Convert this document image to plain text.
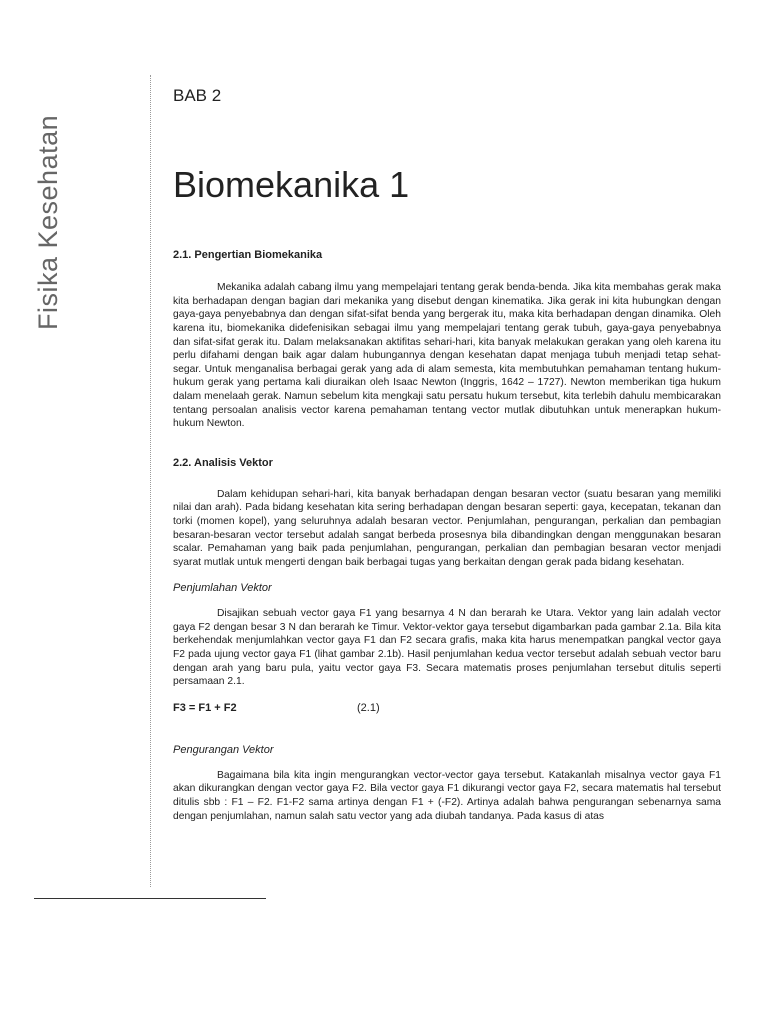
Fisika Kesehatan

BAB 2

Biomekanika 1
2.1. Pengertian Biomekanika

Mekanika adalah cabang ilmu yang mempelajari tentang gerak benda-benda. Jika kita membahas gerak maka kita berhadapan dengan bagian dari mekanika yang disebut dengan kinematika. Jika gerak ini kita hubungkan dengan gaya-gaya penyebabnya dan dengan sifat-sifat benda yang bergerak itu, maka kita berhadapan dengan dinamika. Oleh karena itu, biomekanika didefenisikan sebagai ilmu yang mempelajari tentang gerak tubuh, gaya-gaya penyebabnya dan sifat-sifat gerak itu. Dalam melaksanakan aktifitas sehari-hari, kita banyak melakukan gerakan yang oleh karena itu perlu difahami dengan baik agar dalam hubungannya dengan kesehatan dapat menjaga tubuh menjadi tetap sehat-segar. Untuk menganalisa berbagai gerak yang ada di alam semesta, kita membutuhkan pemahaman tentang hukum-hukum gerak yang pertama kali diuraikan oleh Isaac Newton (Inggris, 1642 – 1727). Newton memberikan tiga hukum dalam menelaah gerak. Namun sebelum kita mengkaji satu persatu hukum tersebut, kita terlebih dahulu membicarakan tentang persoalan analisis vector karena pemahaman tentang vector mutlak dibutuhkan untuk menerapkan hukum-hukum Newton.

2.2. Analisis Vektor

Dalam kehidupan sehari-hari, kita banyak berhadapan dengan besaran vector (suatu besaran yang memiliki nilai dan arah). Pada bidang kesehatan kita sering berhadapan dengan besaran seperti: gaya, kecepatan, tekanan dan torki (momen kopel), yang seluruhnya adalah besaran vector. Penjumlahan, pengurangan, perkalian dan pembagian besaran-besaran vector tersebut adalah sangat berbeda prosesnya bila dibandingkan dengan menggunakan besaran scalar. Pemahaman yang baik pada penjumlahan, pengurangan, perkalian dan pembagian besaran vector menjadi syarat mutlak untuk mengerti dengan baik berbagai tugas yang berkaitan dengan gerak pada bidang kesehatan.

Penjumlahan Vektor

Disajikan sebuah vector gaya F1 yang besarnya 4 N dan berarah ke Utara. Vektor yang lain adalah vector gaya F2 dengan besar 3 N dan berarah ke Timur. Vektor-vektor gaya tersebut digambarkan pada gambar 2.1a. Bila kita berkehendak menjumlahkan vector gaya F1 dan F2 secara grafis, maka kita harus menempatkan pangkal vector gaya F2 pada ujung vector gaya F1 (lihat gambar 2.1b). Hasil penjumlahan kedua vector tersebut adalah sebuah vector baru dengan arah yang baru pula, yaitu vector gaya F3. Secara matematis proses penjumlahan tersebut ditulis seperti persamaan 2.1.

F3 = F1 + F2	(2.1)

Pengurangan Vektor

Bagaimana bila kita ingin mengurangkan vector-vector gaya tersebut. Katakanlah misalnya vector gaya F1 akan dikurangkan dengan vector gaya F2. Bila vector gaya F1 dikurangi vector gaya F2, secara matematis hal tersebut ditulis sbb : F1 – F2. F1-F2 sama artinya dengan F1 + (-F2). Artinya adalah bahwa pengurangan sebenarnya sama dengan penjumlahan, namun salah satu vector yang ada diubah tandanya. Pada kasus di atas
